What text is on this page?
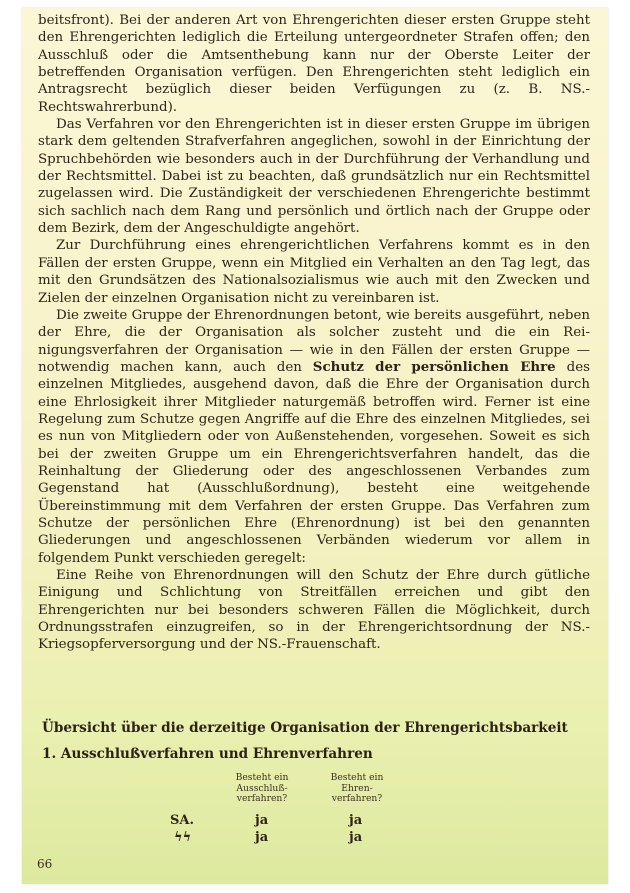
beitsfront). Bei der anderen Art von Ehrengerichten dieser ersten Gruppe steht den Ehrengerichten lediglich die Erteilung untergeordneter Strafen offen; den Ausschluß oder die Amtsenthebung kann nur der Oberste Leiter der betreffenden Organisation verfügen. Den Ehrengerichten steht lediglich ein Antragsrecht bezüglich dieser beiden Verfügungen zu (z. B. NS.-Rechtswahrerbund).

Das Verfahren vor den Ehrengerichten ist in dieser ersten Gruppe im übrigen stark dem geltenden Strafverfahren angeglichen, sowohl in der Einrichtung der Spruchbehörden wie besonders auch in der Durchführung der Verhandlung und der Rechtsmittel. Dabei ist zu beachten, daß grundsätzlich nur ein Rechtsmittel zugelassen wird. Die Zuständigkeit der verschiedenen Ehrengerichte bestimmt sich sachlich nach dem Rang und persönlich und örtlich nach der Gruppe oder dem Bezirk, dem der Angeschuldigte angehört.

Zur Durchführung eines ehrengerichtlichen Verfahrens kommt es in den Fällen der ersten Gruppe, wenn ein Mitglied ein Verhalten an den Tag legt, das mit den Grundsätzen des Nationalsozialismus wie auch mit den Zwecken und Zielen der einzelnen Organisation nicht zu vereinbaren ist.

Die zweite Gruppe der Ehrenordnungen betont, wie bereits ausgeführt, neben der Ehre, die der Organisation als solcher zusteht und die ein Reinigungsverfahren der Organisation — wie in den Fällen der ersten Gruppe — notwendig machen kann, auch den Schutz der persönlichen Ehre des einzelnen Mitgliedes, ausgehend davon, daß die Ehre der Organisation durch eine Ehrlosigkeit ihrer Mitglieder naturgemäß betroffen wird. Ferner ist eine Regelung zum Schutze gegen Angriffe auf die Ehre des einzelnen Mitgliedes, sei es nun von Mitgliedern oder von Außenstehenden, vorgesehen. Soweit es sich bei der zweiten Gruppe um ein Ehrengerichtsverfahren handelt, das die Reinhaltung der Gliederung oder des angeschlossenen Verbandes zum Gegenstand hat (Ausschlußordnung), besteht eine weitgehende Übereinstimmung mit dem Verfahren der ersten Gruppe. Das Verfahren zum Schutze der persönlichen Ehre (Ehrenordnung) ist bei den genannten Gliederungen und angeschlossenen Verbänden wiederum vor allem in folgendem Punkt verschieden geregelt:

Eine Reihe von Ehrenordnungen will den Schutz der Ehre durch gütliche Einigung und Schlichtung von Streitfällen erreichen und gibt den Ehrengerichten nur bei besonders schweren Fällen die Möglichkeit, durch Ordnungsstrafen einzugreifen, so in der Ehrengerichtsordnung der NS.-Kriegsopferversorgung und der NS.-Frauenschaft.

Übersicht über die derzeitige Organisation der Ehrengerichtsbarkeit
1. Ausschlußverfahren und Ehrenverfahren
Besteht ein Ausschluß-verfahren?
Besteht ein Ehren-verfahren?
SA.	ja	ja
ϟϟ	ja	ja
66
